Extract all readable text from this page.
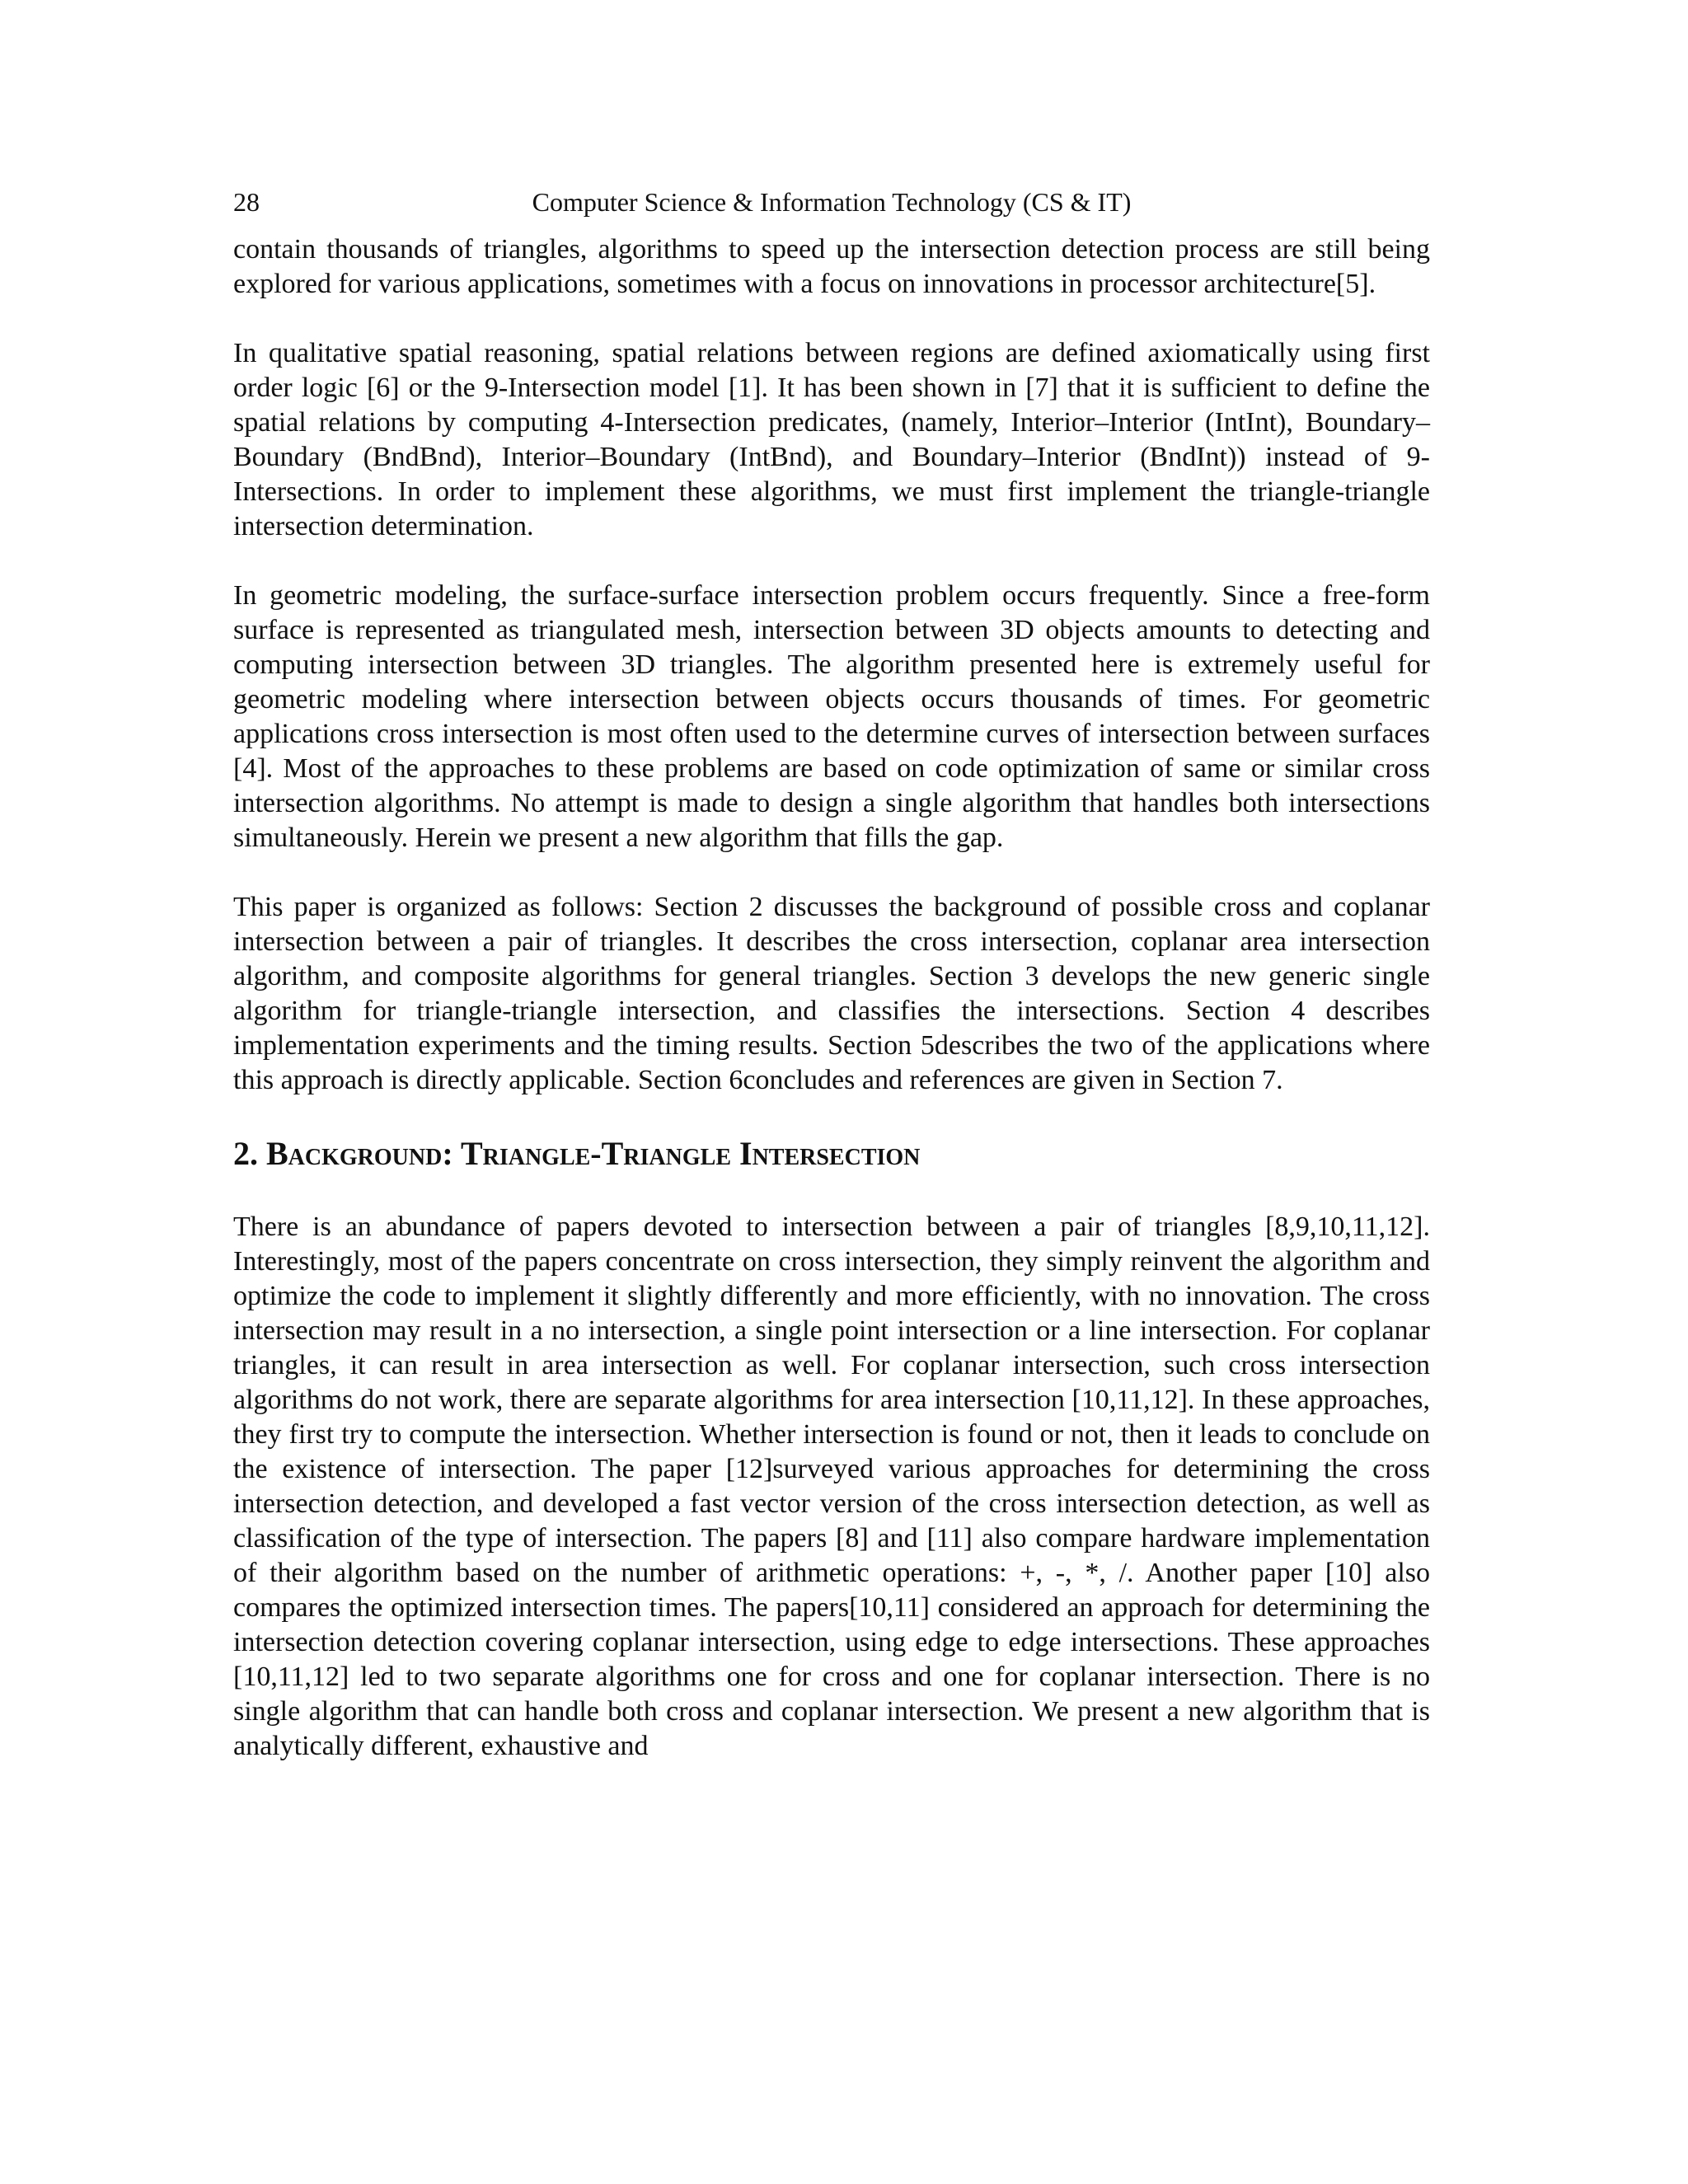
28	Computer Science & Information Technology (CS & IT)

contain thousands of triangles, algorithms to speed up the intersection detection process are still being explored for various applications, sometimes with a focus on innovations in processor architecture[5].

In qualitative spatial reasoning, spatial relations between regions are defined axiomatically using first order logic [6] or the 9-Intersection model [1]. It has been shown in [7] that it is sufficient to define the spatial relations by computing 4-Intersection predicates, (namely, Interior–Interior (IntInt), Boundary–Boundary (BndBnd), Interior–Boundary (IntBnd), and Boundary–Interior (BndInt)) instead of 9-Intersections. In order to implement these algorithms, we must first implement the triangle-triangle intersection determination.

In geometric modeling, the surface-surface intersection problem occurs frequently. Since a free-form surface is represented as triangulated mesh, intersection between 3D objects amounts to detecting and computing intersection between 3D triangles. The algorithm presented here is extremely useful for geometric modeling where intersection between objects occurs thousands of times. For geometric applications cross intersection is most often used to the determine curves of intersection between surfaces [4]. Most of the approaches to these problems are based on code optimization of same or similar cross intersection algorithms. No attempt is made to design a single algorithm that handles both intersections simultaneously. Herein we present a new algorithm that fills the gap.

This paper is organized as follows: Section 2 discusses the background of possible cross and coplanar intersection between a pair of triangles. It describes the cross intersection, coplanar area intersection algorithm, and composite algorithms for general triangles. Section 3 develops the new generic single algorithm for triangle-triangle intersection, and classifies the intersections. Section 4 describes implementation experiments and the timing results. Section 5describes the two of the applications where this approach is directly applicable. Section 6concludes and references are given in Section 7.

2. Background: Triangle-Triangle Intersection

There is an abundance of papers devoted to intersection between a pair of triangles [8,9,10,11,12]. Interestingly, most of the papers concentrate on cross intersection, they simply reinvent the algorithm and optimize the code to implement it slightly differently and more efficiently, with no innovation. The cross intersection may result in a no intersection, a single point intersection or a line intersection. For coplanar triangles, it can result in area intersection as well. For coplanar intersection, such cross intersection algorithms do not work, there are separate algorithms for area intersection [10,11,12]. In these approaches, they first try to compute the intersection. Whether intersection is found or not, then it leads to conclude on the existence of intersection. The paper [12]surveyed various approaches for determining the cross intersection detection, and developed a fast vector version of the cross intersection detection, as well as classification of the type of intersection. The papers [8] and [11] also compare hardware implementation of their algorithm based on the number of arithmetic operations: +, -, *, /. Another paper [10] also compares the optimized intersection times. The papers[10,11] considered an approach for determining the intersection detection covering coplanar intersection, using edge to edge intersections. These approaches [10,11,12] led to two separate algorithms one for cross and one for coplanar intersection. There is no single algorithm that can handle both cross and coplanar intersection. We present a new algorithm that is analytically different, exhaustive and
